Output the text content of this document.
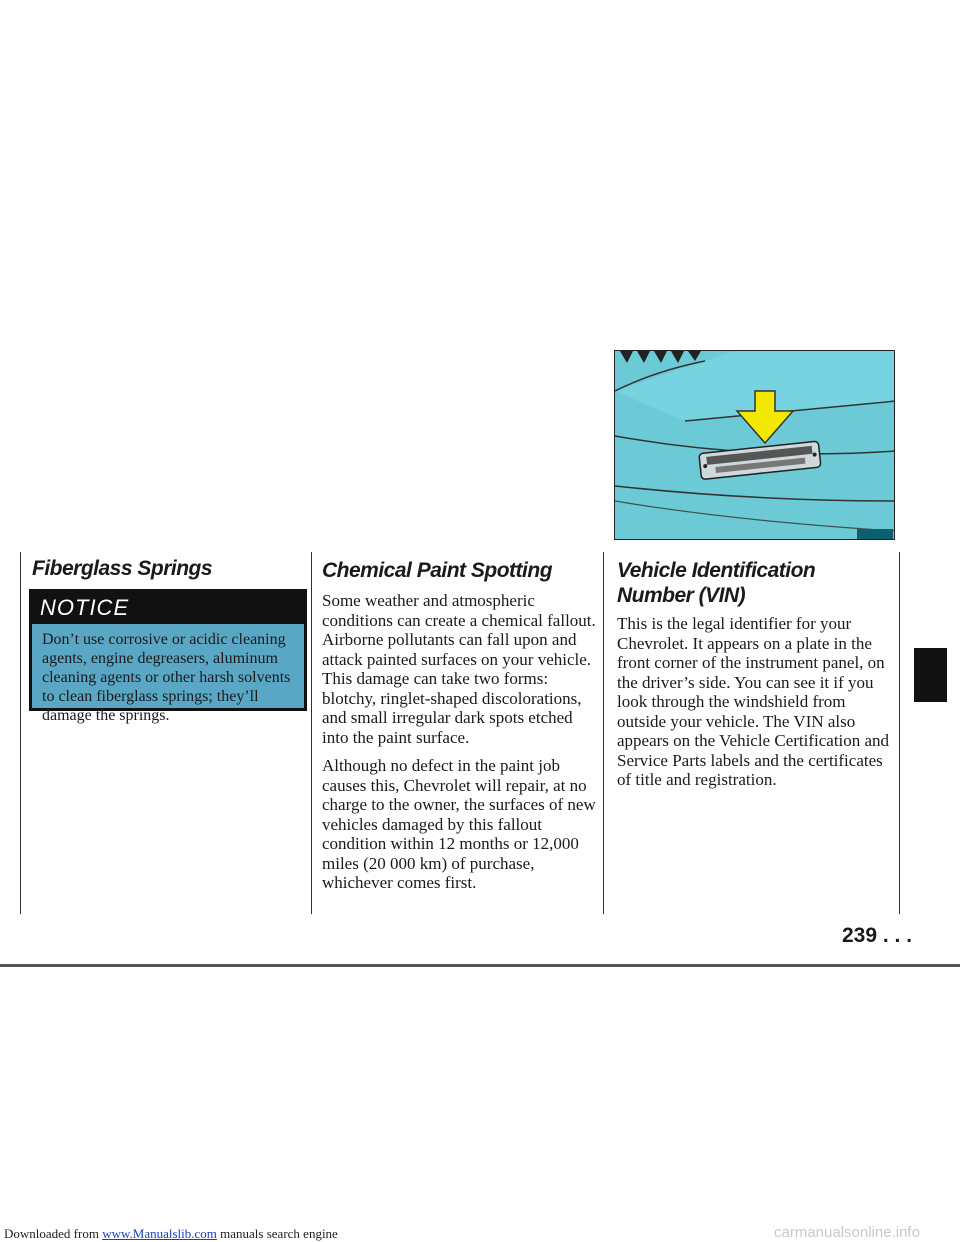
Fiberglass Springs
NOTICE
Don’t use corrosive or acidic cleaning agents, engine degreasers, aluminum cleaning agents or other harsh solvents to clean fiberglass springs; they’ll damage the springs.
Chemical Paint Spotting

Some weather and atmospheric conditions can create a chemical fallout. Airborne pollutants can fall upon and attack painted surfaces on your vehicle. This damage can take two forms: blotchy, ringlet-shaped discolorations, and small irregular dark spots etched into the paint surface.

Although no defect in the paint job causes this, Chevrolet will repair, at no charge to the owner, the surfaces of new vehicles damaged by this fallout condition within 12 months or 12,000 miles (20 000 km) of purchase, whichever comes first.

Vehicle Identification Number (VIN)

This is the legal identifier for your Chevrolet. It appears on a plate in the front corner of the instrument panel, on the driver’s side. You can see it if you look through the windshield from outside your vehicle. The VIN also appears on the Vehicle Certification and Service Parts labels and the certificates of title and registration.

239 . . .
Downloaded from www.Manualslib.com manuals search engine	carmanualsonline.info
